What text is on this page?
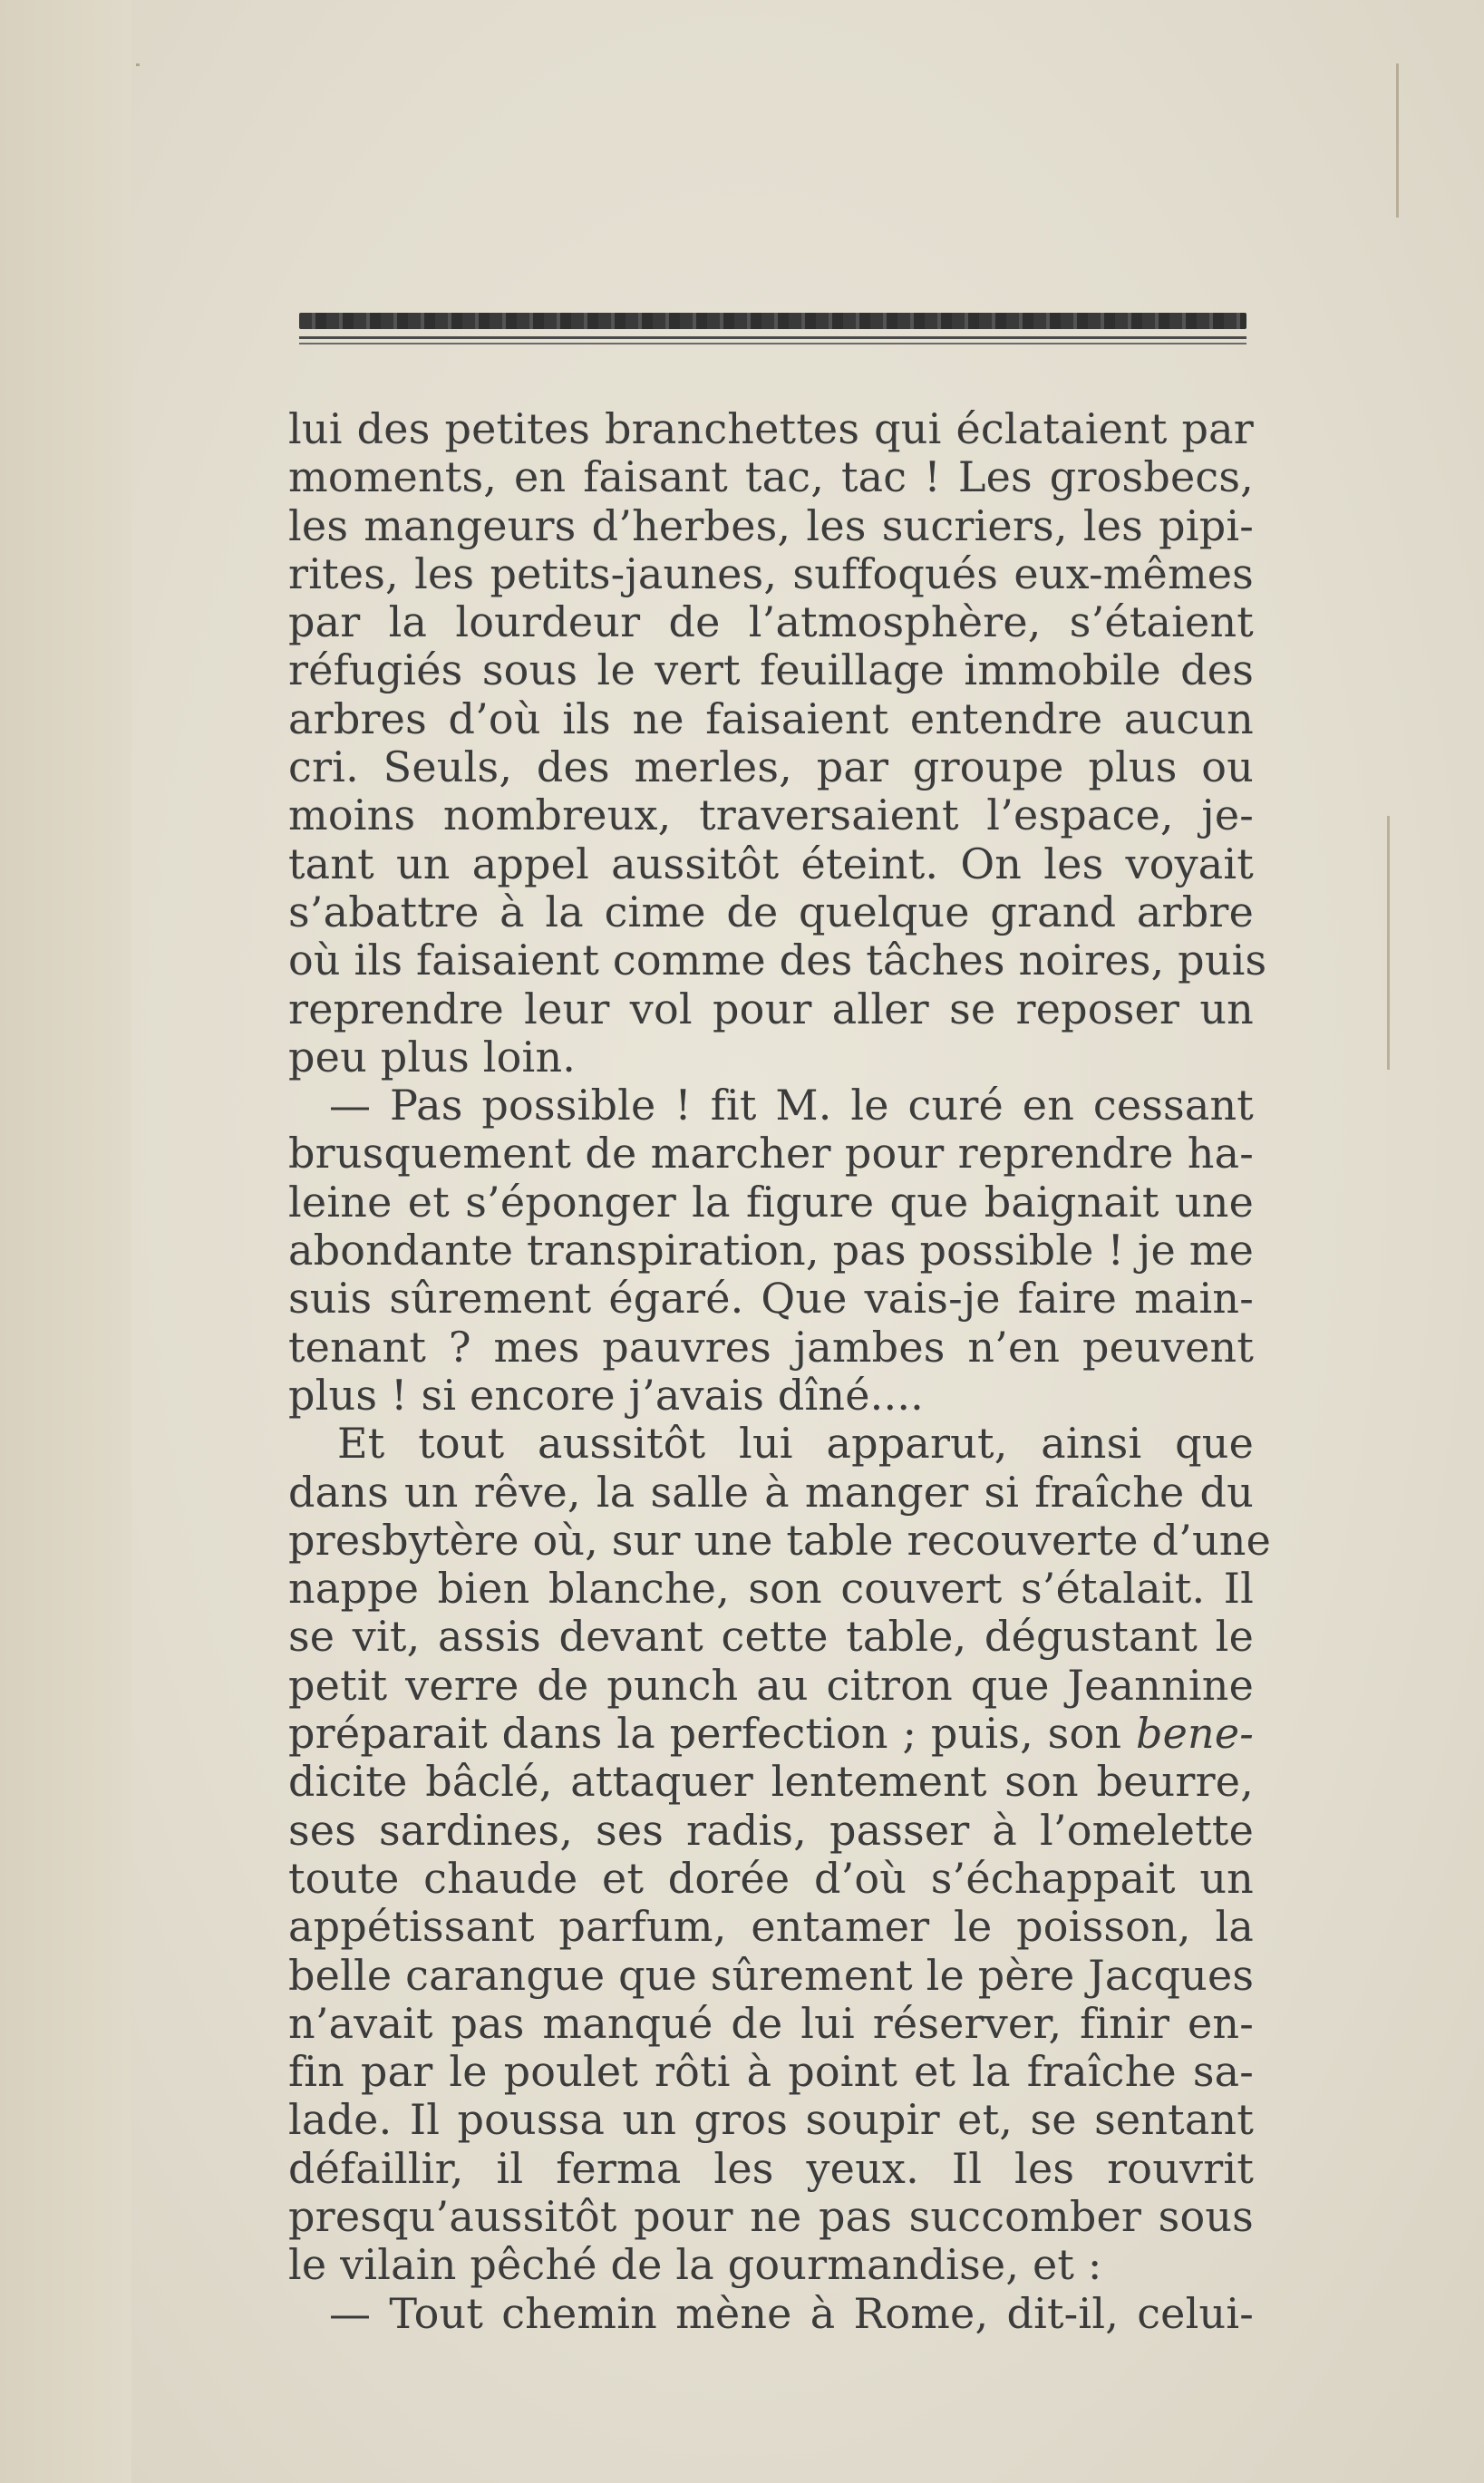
lui des petites branchettes qui éclataient par
moments, en faisant tac, tac ! Les grosbecs,
les mangeurs d’herbes, les sucriers, les pipi-
rites, les petits-jaunes, suffoqués eux-mêmes
par la lourdeur de l’atmosphère, s’étaient
réfugiés sous le vert feuillage immobile des
arbres d’où ils ne faisaient entendre aucun
cri. Seuls, des merles, par groupe plus ou
moins nombreux, traversaient l’espace, je-
tant un appel aussitôt éteint. On les voyait
s’abattre à la cime de quelque grand arbre
où ils faisaient comme des tâches noires, puis
reprendre leur vol pour aller se reposer un
peu plus loin.
— Pas possible ! fit M. le curé en cessant
brusquement de marcher pour reprendre ha-
leine et s’éponger la figure que baignait une
abondante transpiration, pas possible ! je me
suis sûrement égaré. Que vais-je faire main-
tenant ? mes pauvres jambes n’en peuvent
plus ! si encore j’avais dîné....
Et tout aussitôt lui apparut, ainsi que
dans un rêve, la salle à manger si fraîche du
presbytère où, sur une table recouverte d’une
nappe bien blanche, son couvert s’étalait. Il
se vit, assis devant cette table, dégustant le
petit verre de punch au citron que Jeannine
préparait dans la perfection ; puis, son bene-
dicite bâclé, attaquer lentement son beurre,
ses sardines, ses radis, passer à l’omelette
toute chaude et dorée d’où s’échappait un
appétissant parfum, entamer le poisson, la
belle carangue que sûrement le père Jacques
n’avait pas manqué de lui réserver, finir en-
fin par le poulet rôti à point et la fraîche sa-
lade. Il poussa un gros soupir et, se sentant
défaillir, il ferma les yeux. Il les rouvrit
presqu’aussitôt pour ne pas succomber sous
le vilain pêché de la gourmandise, et :
— Tout chemin mène à Rome, dit-il, celui-
